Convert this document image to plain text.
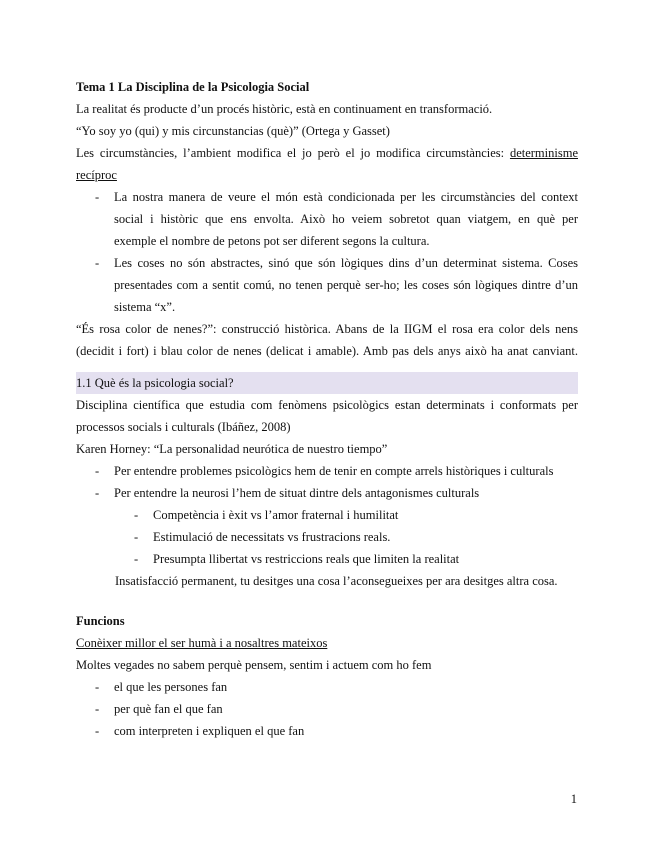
Tema 1 La Disciplina de la Psicologia Social

La realitat és producte d’un procés històric, està en continuament en transformació.

“Yo soy yo (qui) y mis circunstancias (què)” (Ortega y Gasset)

Les circumstàncies, l’ambient modifica el jo però el jo modifica circumstàncies: determinisme

recíproc

- La nostra manera de veure el món està condicionada per les circumstàncies del context
social i històric que ens envolta. Això ho veiem sobretot quan viatgem, en què per
exemple el nombre de petons pot ser diferent segons la cultura.
- Les coses no són abstractes, sinó que són lògiques dins d’un determinat sistema. Coses
presentades com a sentit comú, no tenen perquè ser-ho; les coses són lògiques dintre d’un
sistema “x”.

“És rosa color de nenes?”: construcció històrica. Abans de la IIGM el rosa era color dels nens

(decidit i fort) i blau color de nenes (delicat i amable). Amb pas dels anys això ha anat canviant.

1.1 Què és la psicologia social?

Disciplina científica que estudia com fenòmens psicològics estan determinats i conformats per

processos socials i culturals (Ibáñez, 2008)

Karen Horney: “La personalidad neurótica de nuestro tiempo”

- Per entendre problemes psicològics hem de tenir en compte arrels històriques i culturals
- Per entendre la neurosi l’hem de situat dintre dels antagonismes culturals
- Competència i èxit vs l’amor fraternal i humilitat
- Estimulació de necessitats vs frustracions reals.
- Presumpta llibertat vs restriccions reals que limiten la realitat

Insatisfacció permanent, tu desitges una cosa l’aconsegueixes per ara desitges altra cosa.

Funcions

Conèixer millor el ser humà i a nosaltres mateixos

Moltes vegades no sabem perquè pensem, sentim i actuem com ho fem

- el que les persones fan
- per què fan el que fan
- com interpreten i expliquen el que fan
1
